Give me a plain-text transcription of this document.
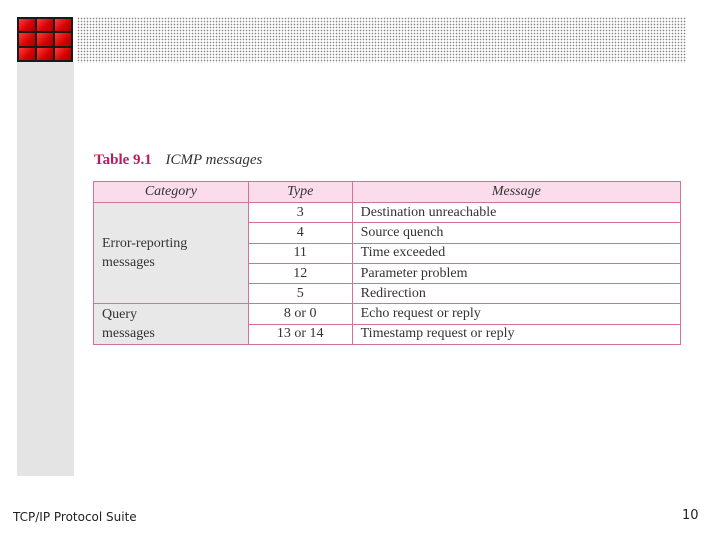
Table 9.1 ICMP messages
Category	Type	Message
Error-reporting
messages	3	Destination unreachable
	4	Source quench
	11	Time exceeded
	12	Parameter problem
	5	Redirection
Query
messages	8 or 0	Echo request or reply
	13 or 14	Timestamp request or reply
TCP/IP Protocol Suite	10
